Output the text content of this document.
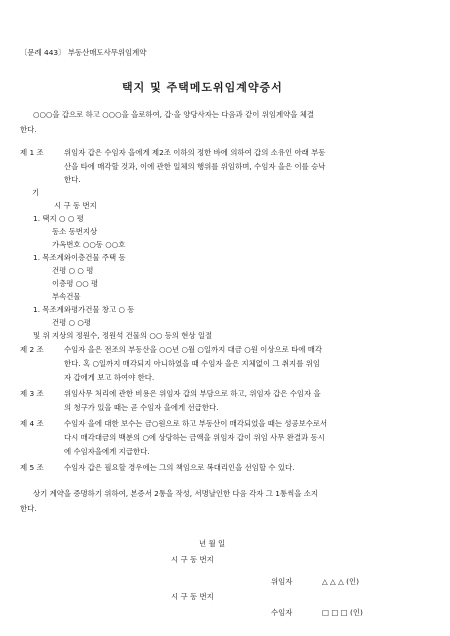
〔문례 443〕 부동산매도사무위임계약
택지 및 주택메도위임계약증서
○○○을 갑으로 하고 ○○○을 을로하여, 갑·을 양당사자는 다음과 같이 위임계약을 체결
한다.
제 1 조	위임자 갑은 수임자 을에게 제2조 이하의 정한 바에 의하여 갑의 소유인 아래 부동
산을 타에 매각할 것과, 이에 관한 일체의 행위를 위임하며, 수임자 을은 이를 승낙
한다.
기
시 구 동 번지
1. 택지 ○ ○ 평
동소 동번지상
가옥번호 ○○동 ○○호
1. 목조계와이층건물 주택 동
건평 ○ ○ 평
이층평 ○○ 평
부속건물
1. 목조계와평가건물 창고 ○ 동
건평 ○ ○평
및 위 지상의 정원수, 정원석 건물의 ○○ 등의 현상 일절
제 2 조	수임자 을은 전조의 부동산을 ○○년 ○월 ○일까지 대금 ○원 이상으로 타에 매각
한다. 혹 ○일까지 매각되지 아니하였을 때 수임자 을은 지체없이 그 취지를 위임
자 갑에게 보고 하여야 한다.
제 3 조	위임사무 처리에 관한 비용은 위임자 갑의 부담으로 하고, 위임자 갑은 수임자 을
의 청구가 있을 때는 곧 수임자 을에게 선급한다.
제 4 조	수임자 을에 대한 보수는 금○원으로 하고 부동산이 매각되었을 때는 성공보수로서
다시 매각대금의 백분의 ○에 상당하는 금액을 위임자 갑이 위임 사무 완결과 동시
에 수임자을에게 지급한다.
제 5 조	수임자 갑은 필요할 경우에는 그의 책임으로 복대리인을 선임할 수 있다.
상기 계약을 증명하기 위하여, 본증서 2통을 작성, 서명날인한 다음 각자 그 1통씩을 소지
한다.
년 월 일
시 구 동 번지
위임자	△ △ △ (인)
시 구 동 번지
수임자	□ □ □ (인)
